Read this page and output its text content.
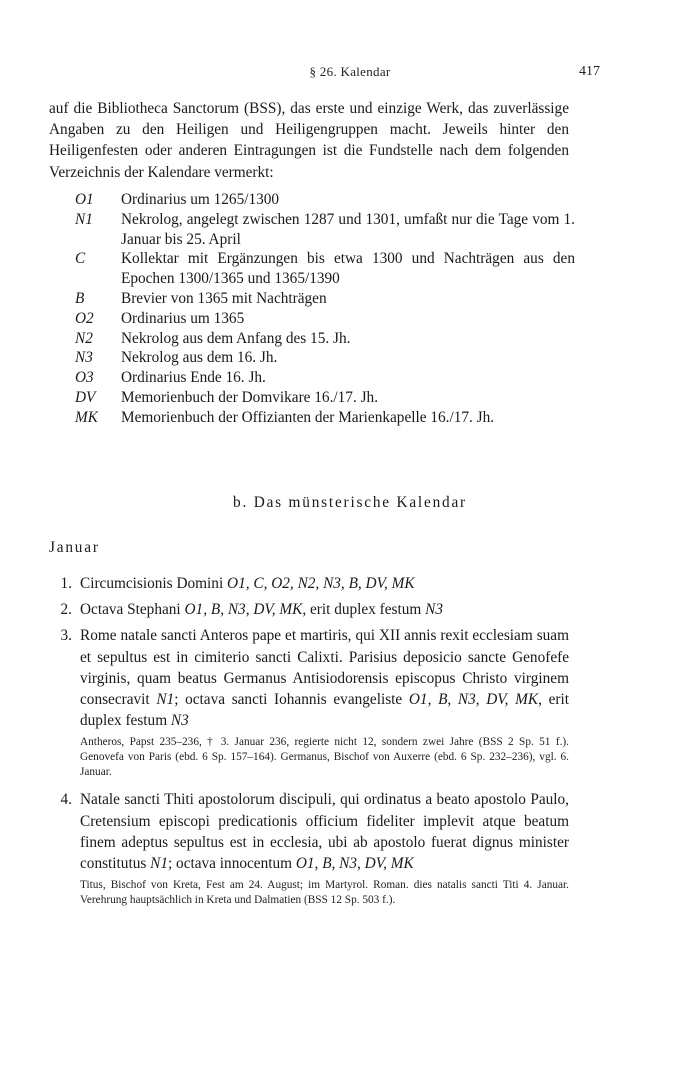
§ 26. Kalendar	417

auf die Bibliotheca Sanctorum (BSS), das erste und einzige Werk, das zuverlässige Angaben zu den Heiligen und Heiligengruppen macht. Jeweils hinter den Heiligenfesten oder anderen Eintragungen ist die Fundstelle nach dem folgenden Verzeichnis der Kalendare vermerkt:

O1	Ordinarius um 1265/1300
N1	Nekrolog, angelegt zwischen 1287 und 1301, umfaßt nur die Tage vom 1. Januar bis 25. April
C	Kollektar mit Ergänzungen bis etwa 1300 und Nachträgen aus den Epochen 1300/1365 und 1365/1390
B	Brevier von 1365 mit Nachträgen
O2	Ordinarius um 1365
N2	Nekrolog aus dem Anfang des 15. Jh.
N3	Nekrolog aus dem 16. Jh.
O3	Ordinarius Ende 16. Jh.
DV	Memorienbuch der Domvikare 16./17. Jh.
MK	Memorienbuch der Offizianten der Marienkapelle 16./17. Jh.
b. Das münsterische Kalendar
Januar
1. Circumcisionis Domini O1, C, O2, N2, N3, B, DV, MK
2. Octava Stephani O1, B, N3, DV, MK, erit duplex festum N3
3. Rome natale sancti Anteros pape et martiris, qui XII annis rexit ecclesiam suam et sepultus est in cimiterio sancti Calixti. Parisius deposicio sancte Genofefe virginis, quam beatus Germanus Antisiodorensis episcopus Christo virginem consecravit N1; octava sancti Iohannis evangeliste O1, B, N3, DV, MK, erit duplex festum N3
Antheros, Papst 235–236, † 3. Januar 236, regierte nicht 12, sondern zwei Jahre (BSS 2 Sp. 51 f.). Genovefa von Paris (ebd. 6 Sp. 157–164). Germanus, Bischof von Auxerre (ebd. 6 Sp. 232–236), vgl. 6. Januar.
4. Natale sancti Thiti apostolorum discipuli, qui ordinatus a beato apostolo Paulo, Cretensium episcopi predicationis officium fideliter implevit atque beatum finem adeptus sepultus est in ecclesia, ubi ab apostolo fuerat dignus minister constitutus N1; octava innocentum O1, B, N3, DV, MK
Titus, Bischof von Kreta, Fest am 24. August; im Martyrol. Roman. dies natalis sancti Titi 4. Januar. Verehrung hauptsächlich in Kreta und Dalmatien (BSS 12 Sp. 503 f.).
